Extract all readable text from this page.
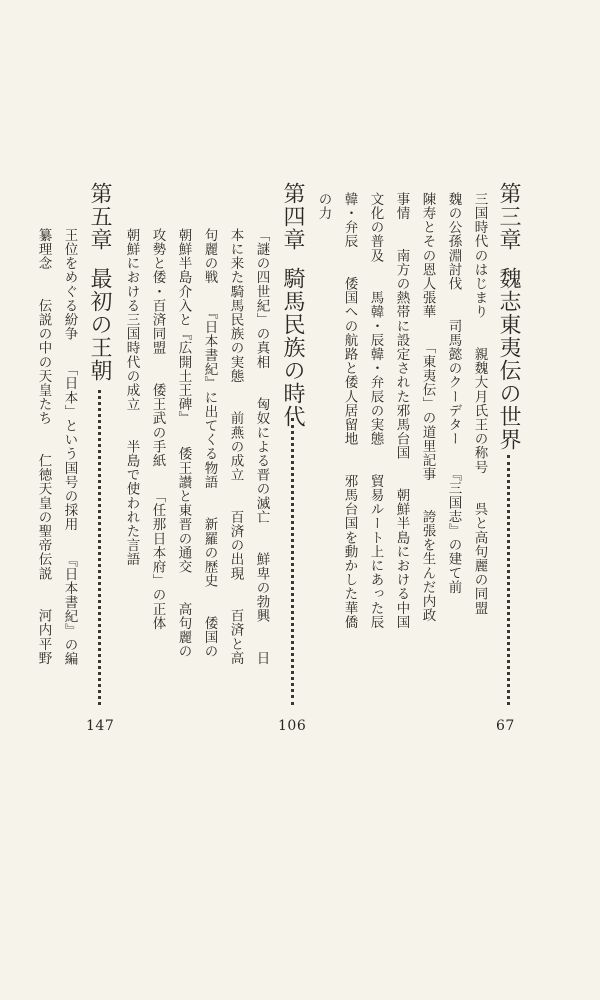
第三章魏志東夷伝の世界
67
三国時代のはじまり　　親魏大月氏王の称号　　呉と高句麗の同盟
魏の公孫淵討伐　　司馬懿のクーデター　　『三国志』の建て前
陳寿とその恩人張華　　「東夷伝」の道里記事　　誇張を生んだ内政
事情　　南方の熱帯に設定された邪馬台国　　朝鮮半島における中国
文化の普及　　馬韓・辰韓・弁辰の実態　　貿易ルート上にあった辰
韓・弁辰　　倭国への航路と倭人居留地　　邪馬台国を動かした華僑
の力
第四章騎馬民族の時代
106
「謎の四世紀」の真相　　匈奴による晋の滅亡　　鮮卑の勃興　　日
本に来た騎馬民族の実態　　前燕の成立　　百済の出現　　百済と高
句麗の戦　　『日本書紀』に出てくる物語　　新羅の歴史　　倭国の
朝鮮半島介入と『広開土王碑』　　倭王讃と東晋の通交　　高句麗の
攻勢と倭・百済同盟　　倭王武の手紙　　「任那日本府」の正体
朝鮮における三国時代の成立　　半島で使われた言語
第五章最初の王朝
147
王位をめぐる紛争　　「日本」という国号の採用　　『日本書紀』の編
纂理念　　伝説の中の天皇たち　　仁徳天皇の聖帝伝説　　河内平野
